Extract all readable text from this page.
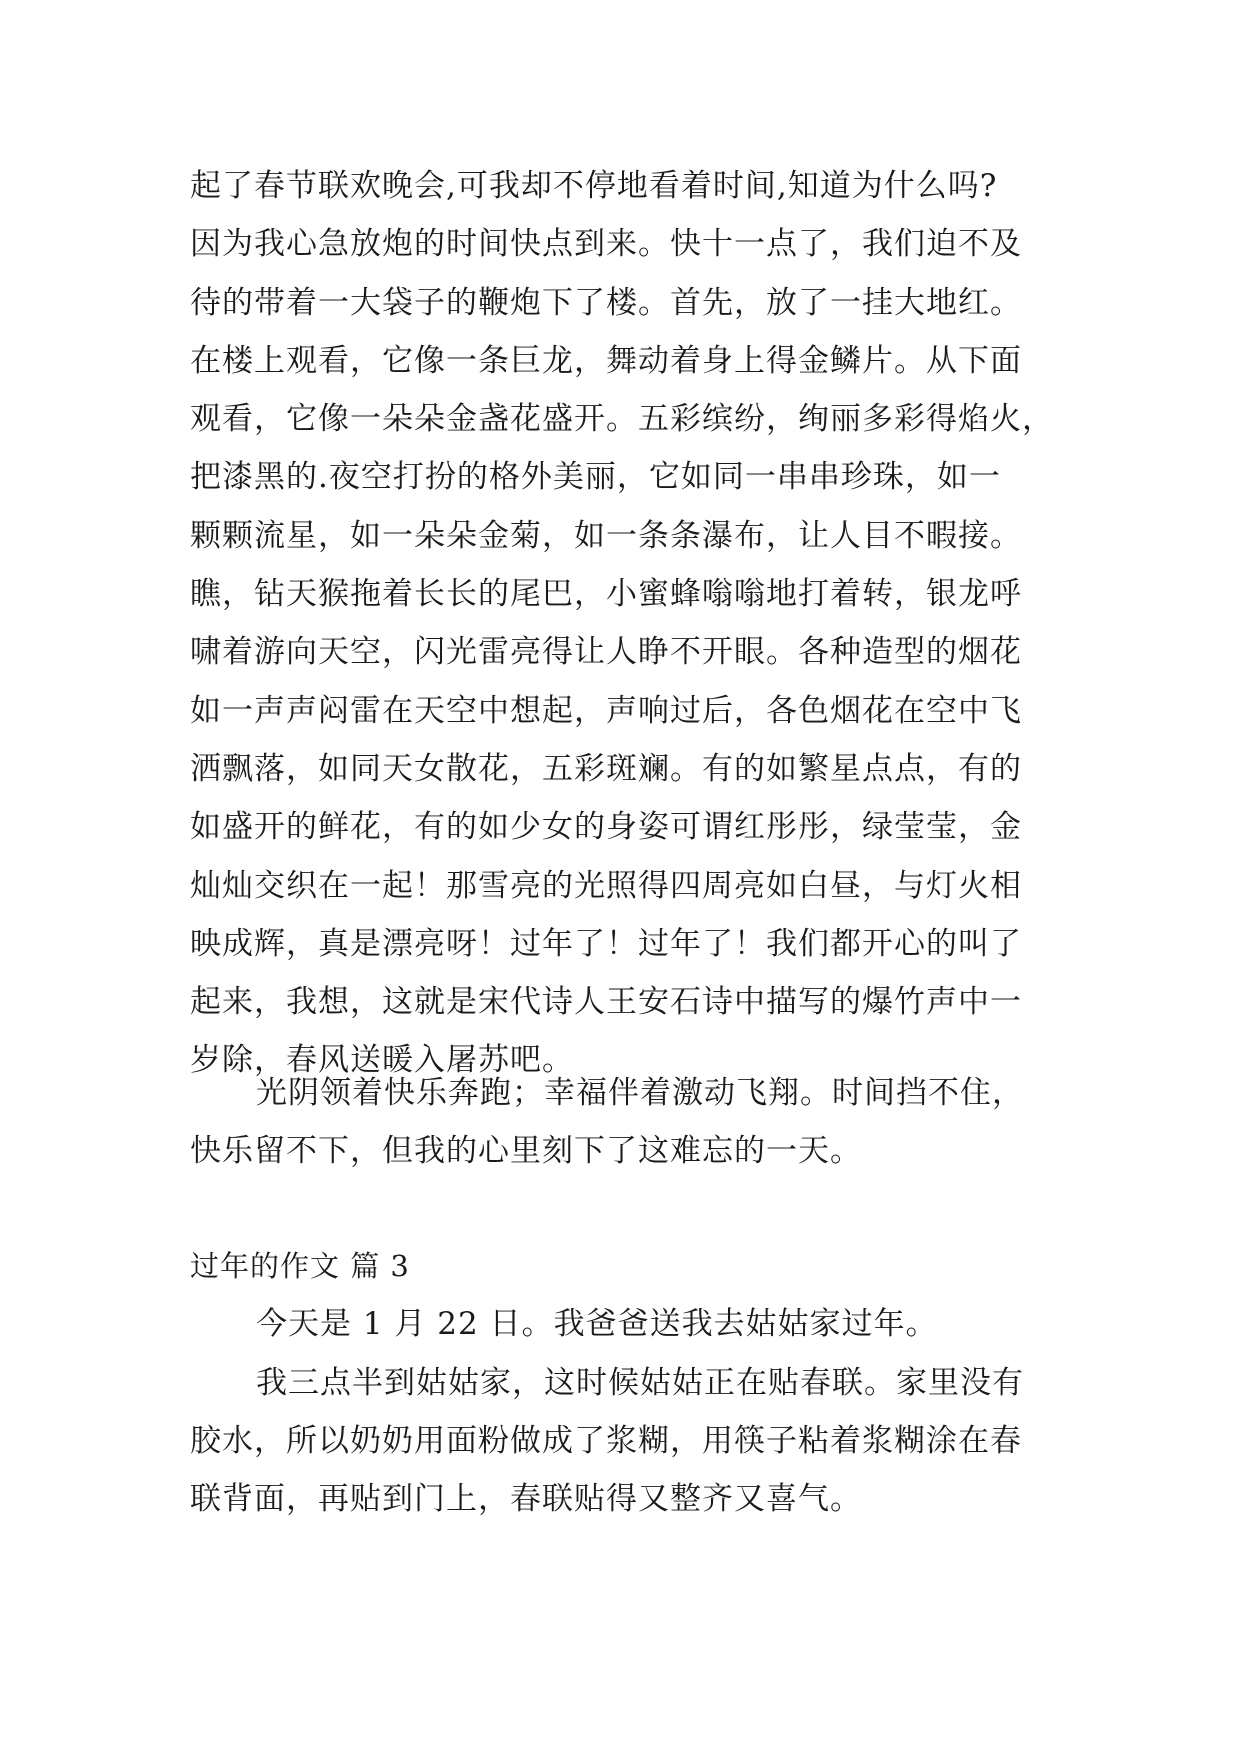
起了春节联欢晚会,可我却不停地看着时间,知道为什么吗?
因为我心急放炮的时间快点到来。快十一点了，我们迫不及
待的带着一大袋子的鞭炮下了楼。首先，放了一挂大地红。
在楼上观看，它像一条巨龙，舞动着身上得金鳞片。从下面
观看，它像一朵朵金盏花盛开。五彩缤纷，绚丽多彩得焰火，
把漆黑的.夜空打扮的格外美丽，它如同一串串珍珠，如一
颗颗流星，如一朵朵金菊，如一条条瀑布，让人目不暇接。
瞧，钻天猴拖着长长的尾巴，小蜜蜂嗡嗡地打着转，银龙呼
啸着游向天空，闪光雷亮得让人睁不开眼。各种造型的烟花
如一声声闷雷在天空中想起，声响过后，各色烟花在空中飞
洒飘落，如同天女散花，五彩斑斓。有的如繁星点点，有的
如盛开的鲜花，有的如少女的身姿可谓红彤彤，绿莹莹，金
灿灿交织在一起！那雪亮的光照得四周亮如白昼，与灯火相
映成辉，真是漂亮呀！过年了！过年了！我们都开心的叫了
起来，我想，这就是宋代诗人王安石诗中描写的爆竹声中一
岁除，春风送暖入屠苏吧。
光阴领着快乐奔跑；幸福伴着激动飞翔。时间挡不住，
快乐留不下，但我的心里刻下了这难忘的一天。
过年的作文 篇 3
今天是 1 月 22 日。我爸爸送我去姑姑家过年。
我三点半到姑姑家，这时候姑姑正在贴春联。家里没有
胶水，所以奶奶用面粉做成了浆糊，用筷子粘着浆糊涂在春
联背面，再贴到门上，春联贴得又整齐又喜气。
